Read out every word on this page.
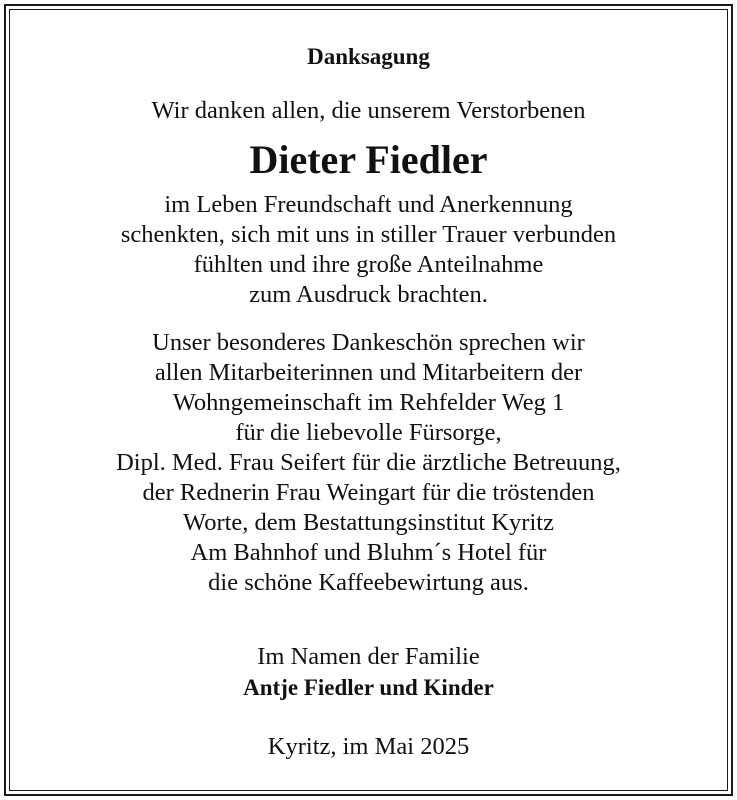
Danksagung
Wir danken allen, die unserem Verstorbenen
Dieter Fiedler
im Leben Freundschaft und Anerkennung
schenkten, sich mit uns in stiller Trauer verbunden
fühlten und ihre große Anteilnahme
zum Ausdruck brachten.
Unser besonderes Dankeschön sprechen wir
allen Mitarbeiterinnen und Mitarbeitern der
Wohngemeinschaft im Rehfelder Weg 1
für die liebevolle Fürsorge,
Dipl. Med. Frau Seifert für die ärztliche Betreuung,
der Rednerin Frau Weingart für die tröstenden
Worte, dem Bestattungsinstitut Kyritz
Am Bahnhof und Bluhm´s Hotel für
die schöne Kaffeebewirtung aus.
Im Namen der Familie
Antje Fiedler und Kinder
Kyritz, im Mai 2025
